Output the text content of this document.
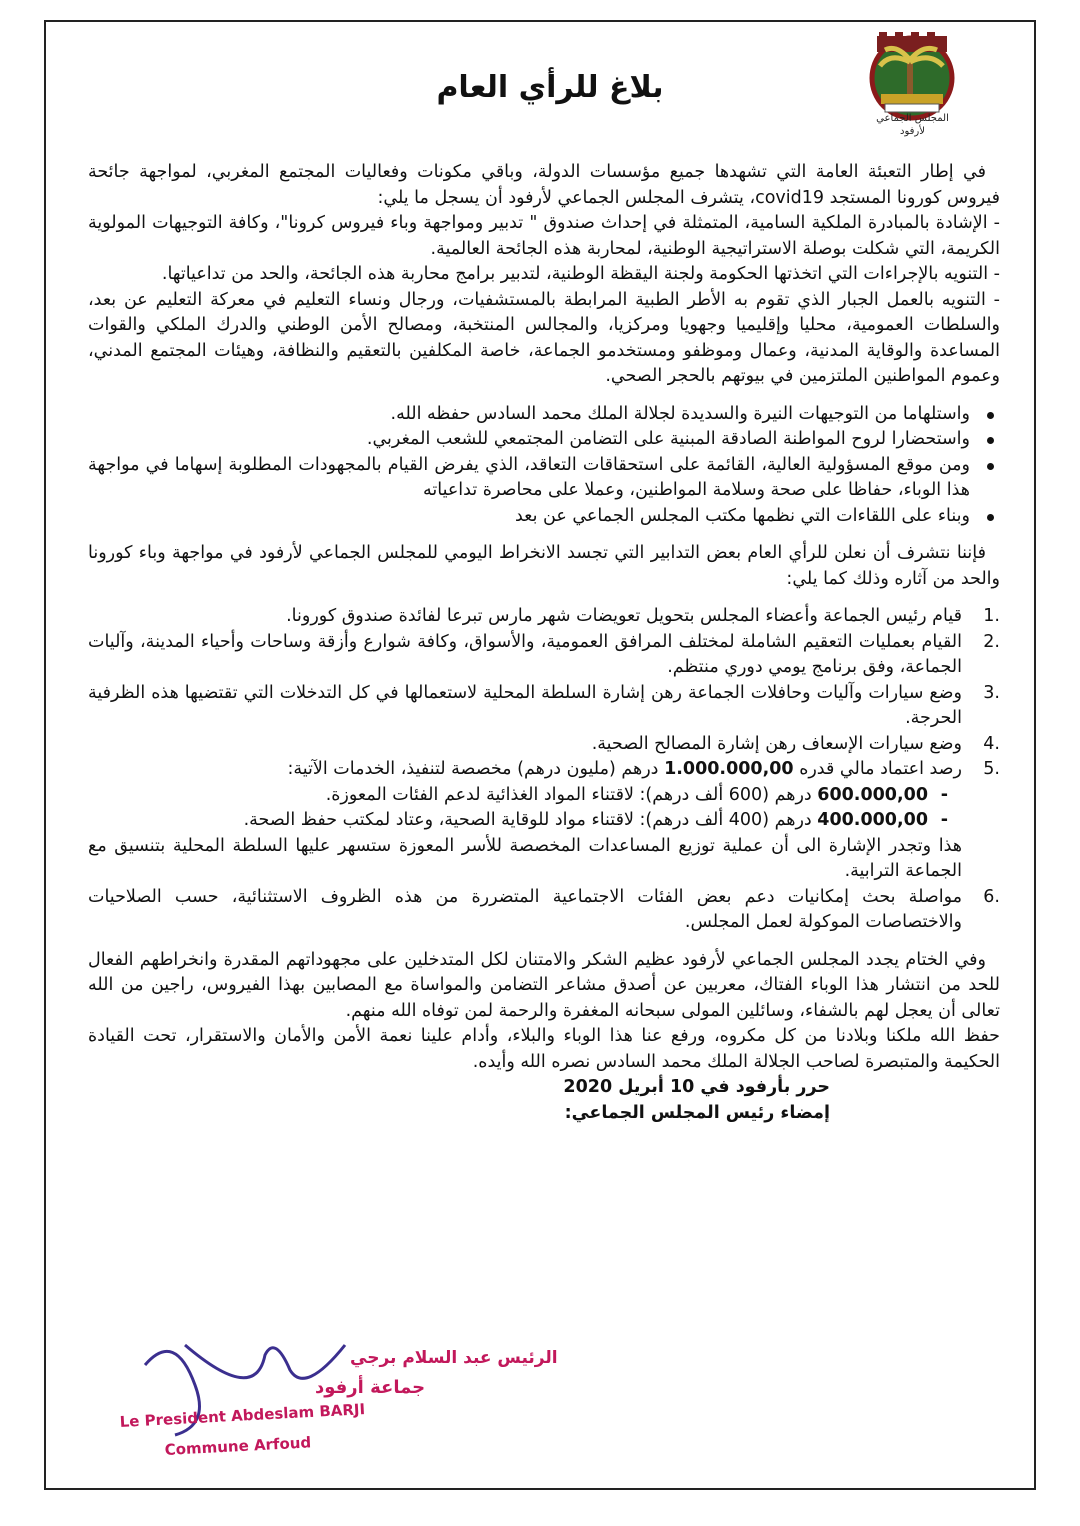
المجلس الجماعي
لأرفود
بلاغ للرأي العام

في إطار التعبئة العامة التي تشهدها جميع مؤسسات الدولة، وباقي مكونات وفعاليات المجتمع المغربي، لمواجهة جائحة فيروس كورونا المستجد covid19، يتشرف المجلس الجماعي لأرفود أن يسجل ما يلي:

- الإشادة بالمبادرة الملكية السامية، المتمثلة في إحداث صندوق " تدبير ومواجهة وباء فيروس كرونا"، وكافة التوجيهات المولوية الكريمة، التي شكلت بوصلة الاستراتيجية الوطنية، لمحاربة هذه الجائحة العالمية.

- التنويه بالإجراءات التي اتخذتها الحكومة ولجنة اليقظة الوطنية، لتدبير برامج محاربة هذه الجائحة، والحد من تداعياتها.

- التنويه بالعمل الجبار الذي تقوم به الأطر الطبية المرابطة بالمستشفيات، ورجال ونساء التعليم في معركة التعليم عن بعد، والسلطات العمومية، محليا وإقليميا وجهويا ومركزيا، والمجالس المنتخبة، ومصالح الأمن الوطني والدرك الملكي والقوات المساعدة والوقاية المدنية، وعمال وموظفو ومستخدمو الجماعة، خاصة المكلفين بالتعقيم والنظافة، وهيئات المجتمع المدني، وعموم المواطنين الملتزمين في بيوتهم بالحجر الصحي.

واستلهاما من التوجيهات النيرة والسديدة لجلالة الملك محمد السادس حفظه الله.
واستحضارا لروح المواطنة الصادقة المبنية على التضامن المجتمعي للشعب المغربي.
ومن موقع المسؤولية العالية، القائمة على استحقاقات التعاقد، الذي يفرض القيام بالمجهودات المطلوبة إسهاما في مواجهة هذا الوباء، حفاظا على صحة وسلامة المواطنين، وعملا على محاصرة تداعياته
وبناء على اللقاءات التي نظمها مكتب المجلس الجماعي عن بعد

فإننا نتشرف أن نعلن للرأي العام بعض التدابير التي تجسد الانخراط اليومي للمجلس الجماعي لأرفود في مواجهة وباء كورونا والحد من آثاره وذلك كما يلي:

1.
قيام رئيس الجماعة وأعضاء المجلس بتحويل تعويضات شهر مارس تبرعا لفائدة صندوق كورونا.
2.
القيام بعمليات التعقيم الشاملة لمختلف المرافق العمومية، والأسواق، وكافة شوارع وأزقة وساحات وأحياء المدينة، وآليات الجماعة، وفق برنامج يومي دوري منتظم.
3.
وضع سيارات وآليات وحافلات الجماعة رهن إشارة السلطة المحلية لاستعمالها في كل التدخلات التي تقتضيها هذه الظرفية الحرجة.
4.
وضع سيارات الإسعاف رهن إشارة المصالح الصحية.
5.
رصد اعتماد مالي قدره 1.000.000,00 درهم (مليون درهم) مخصصة لتنفيذ، الخدمات الآتية:
-
600.000,00 درهم (600 ألف درهم): لاقتناء المواد الغذائية لدعم الفئات المعوزة.
-
400.000,00 درهم (400 ألف درهم): لاقتناء مواد للوقاية الصحية، وعتاد لمكتب حفظ الصحة.

هذا وتجدر الإشارة الى أن عملية توزيع المساعدات المخصصة للأسر المعوزة ستسهر عليها السلطة المحلية بتنسيق مع الجماعة الترابية.

6.
مواصلة بحث إمكانيات دعم بعض الفئات الاجتماعية المتضررة من هذه الظروف الاستثنائية، حسب الصلاحيات والاختصاصات الموكولة لعمل المجلس.

وفي الختام يجدد المجلس الجماعي لأرفود عظيم الشكر والامتنان لكل المتدخلين على مجهوداتهم المقدرة وانخراطهم الفعال للحد من انتشار هذا الوباء الفتاك، معربين عن أصدق مشاعر التضامن والمواساة مع المصابين بهذا الفيروس، راجين من الله تعالى أن يعجل لهم بالشفاء، وسائلين المولى سبحانه المغفرة والرحمة لمن توفاه الله منهم.

حفظ الله ملكنا وبلادنا من كل مكروه، ورفع عنا هذا الوباء والبلاء، وأدام علينا نعمة الأمن والأمان والاستقرار، تحت القيادة الحكيمة والمتبصرة لصاحب الجلالة الملك محمد السادس نصره الله وأيده.

حرر بأرفود في 10 أبريل 2020

إمضاء رئيس المجلس الجماعي:

الرئيس عبد السلام برجي
جماعة أرفود
Le President Abdeslam BARJI
Commune Arfoud
